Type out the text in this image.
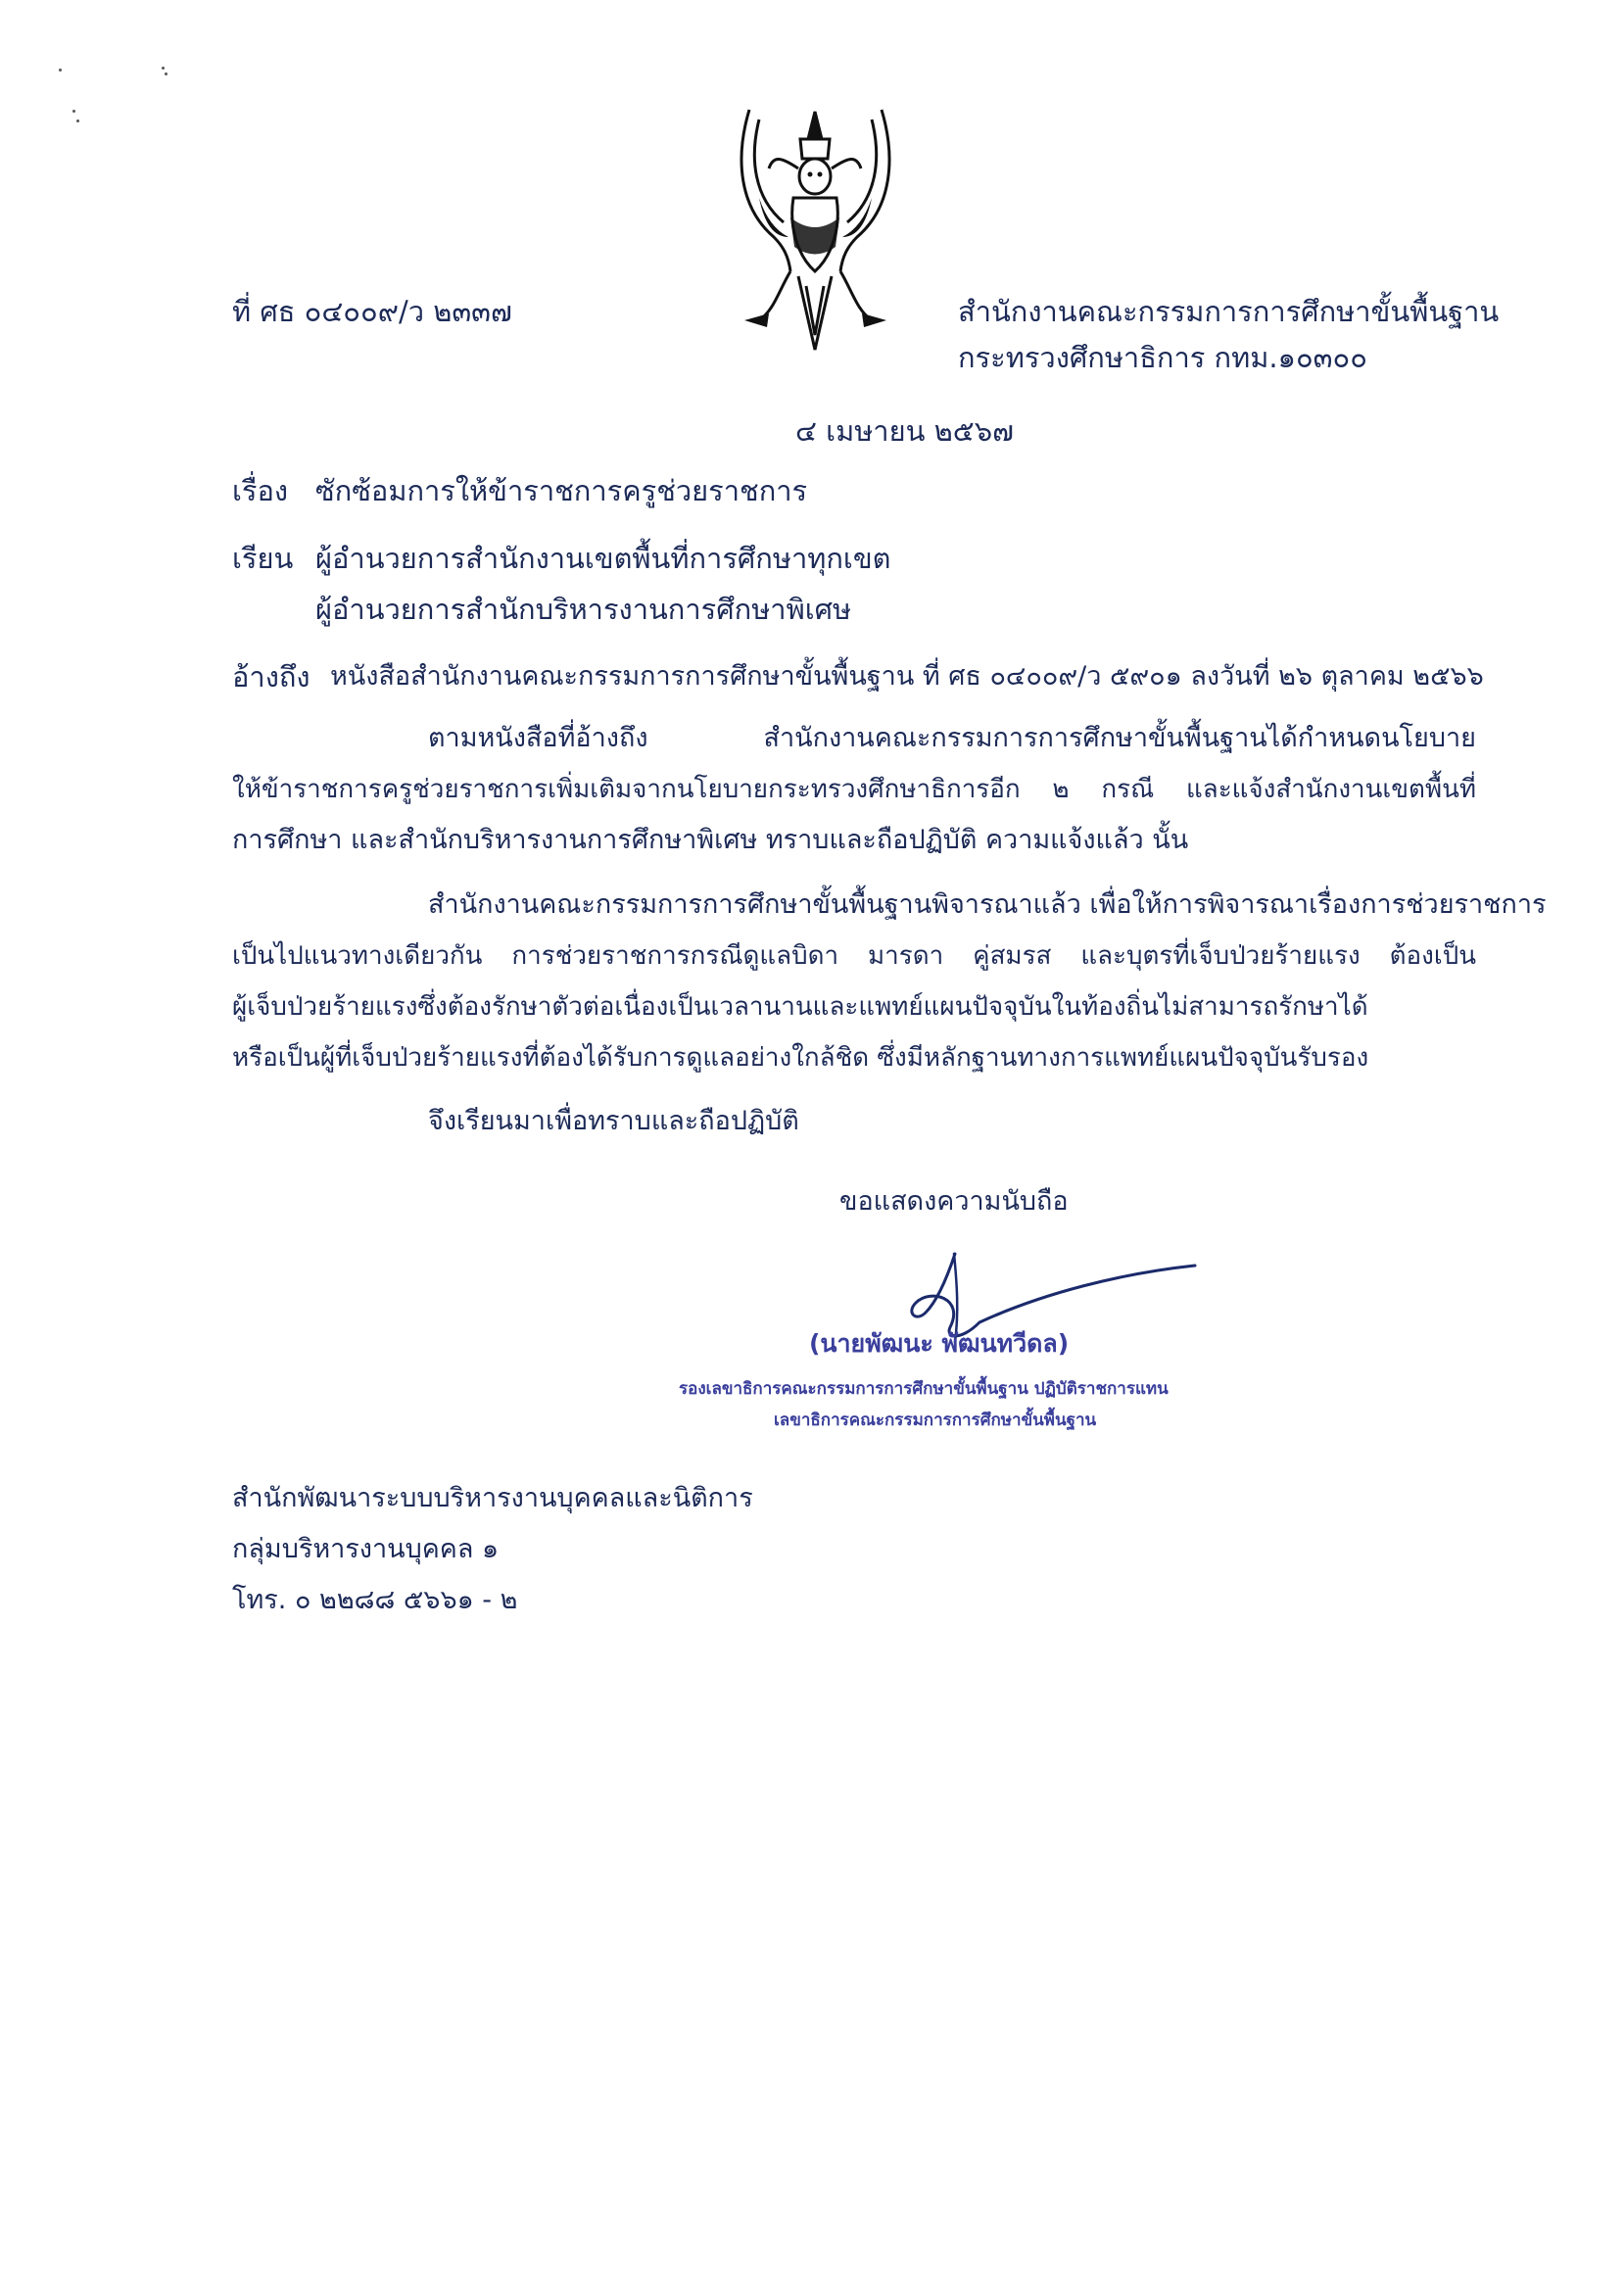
ที่ ศธ ๐๔๐๐๙/ว ๒๓๓๗	สำนักงานคณะกรรมการการศึกษาขั้นพื้นฐาน
กระทรวงศึกษาธิการ กทม.๑๐๓๐๐
๔ เมษายน ๒๕๖๗
เรื่อง ซักซ้อมการให้ข้าราชการครูช่วยราชการ
เรียน ผู้อำนวยการสำนักงานเขตพื้นที่การศึกษาทุกเขต
ผู้อำนวยการสำนักบริหารงานการศึกษาพิเศษ
อ้างถึง หนังสือสำนักงานคณะกรรมการการศึกษาขั้นพื้นฐาน ที่ ศธ ๐๔๐๐๙/ว ๕๙๐๑ ลงวันที่ ๒๖ ตุลาคม ๒๕๖๖
ตามหนังสือที่อ้างถึง สำนักงานคณะกรรมการการศึกษาขั้นพื้นฐานได้กำหนดนโยบาย
ให้ข้าราชการครูช่วยราชการเพิ่มเติมจากนโยบายกระทรวงศึกษาธิการอีก ๒ กรณี และแจ้งสำนักงานเขตพื้นที่
การศึกษา และสำนักบริหารงานการศึกษาพิเศษ ทราบและถือปฏิบัติ ความแจ้งแล้ว นั้น
สำนักงานคณะกรรมการการศึกษาขั้นพื้นฐานพิจารณาแล้ว เพื่อให้การพิจารณาเรื่องการช่วยราชการ
เป็นไปแนวทางเดียวกัน การช่วยราชการกรณีดูแลบิดา มารดา คู่สมรส และบุตรที่เจ็บป่วยร้ายแรง ต้องเป็น
ผู้เจ็บป่วยร้ายแรงซึ่งต้องรักษาตัวต่อเนื่องเป็นเวลานานและแพทย์แผนปัจจุบันในท้องถิ่นไม่สามารถรักษาได้
หรือเป็นผู้ที่เจ็บป่วยร้ายแรงที่ต้องได้รับการดูแลอย่างใกล้ชิด ซึ่งมีหลักฐานทางการแพทย์แผนปัจจุบันรับรอง
จึงเรียนมาเพื่อทราบและถือปฏิบัติ
ขอแสดงความนับถือ
(นายพัฒนะ พัฒนทวีดล)
รองเลขาธิการคณะกรรมการการศึกษาขั้นพื้นฐาน ปฏิบัติราชการแทน
เลขาธิการคณะกรรมการการศึกษาขั้นพื้นฐาน
สำนักพัฒนาระบบบริหารงานบุคคลและนิติการ
กลุ่มบริหารงานบุคคล ๑
โทร. ๐ ๒๒๘๘ ๕๖๖๑ - ๒
